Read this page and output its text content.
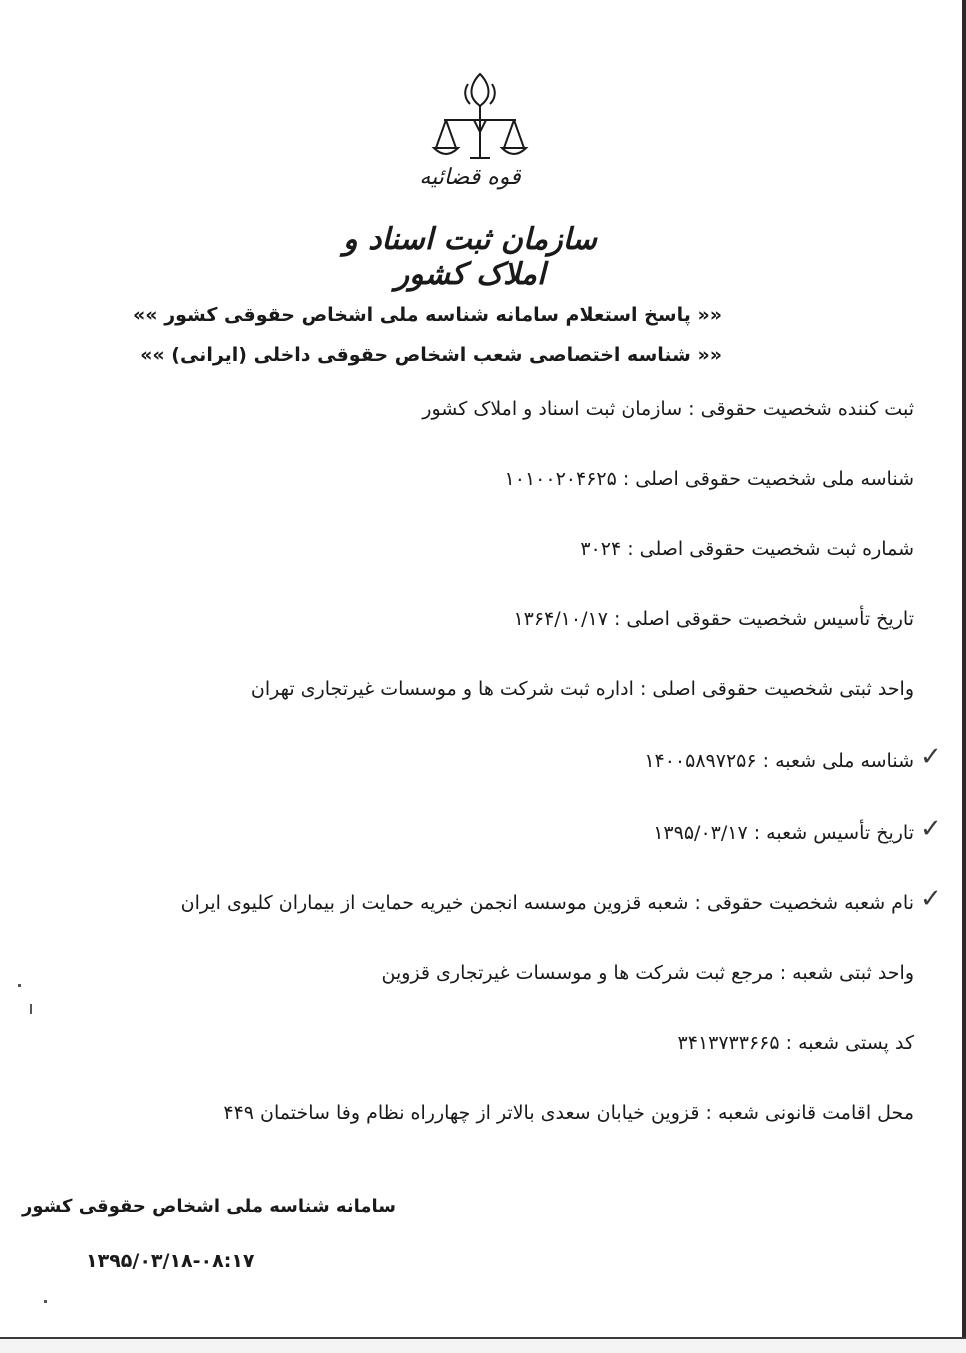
قوه قضائیه
سازمان ثبت اسناد و املاک کشور
«« پاسخ استعلام سامانه شناسه ملی اشخاص حقوقی کشور »»
«« شناسه اختصاصی شعب اشخاص حقوقی داخلی (ایرانی) »»
ثبت کننده شخصیت حقوقی : سازمان ثبت اسناد و املاک کشور
شناسه ملی شخصیت حقوقی اصلی : ۱۰۱۰۰۲۰۴۶۲۵
شماره ثبت شخصیت حقوقی اصلی : ۳۰۲۴
تاریخ تأسیس شخصیت حقوقی اصلی : ۱۳۶۴/۱۰/۱۷
واحد ثبتی شخصیت حقوقی اصلی : اداره ثبت شرکت ها و موسسات غیرتجاری تهران
✓
شناسه ملی شعبه : ۱۴۰۰۵۸۹۷۲۵۶
✓
تاریخ تأسیس شعبه : ۱۳۹۵/۰۳/۱۷
✓
نام شعبه شخصیت حقوقی : شعبه قزوین موسسه انجمن خیریه حمایت از بیماران کلیوی ایران
واحد ثبتی شعبه : مرجع ثبت شرکت ها و موسسات غیرتجاری قزوین
کد پستی شعبه : ۳۴۱۳۷۳۳۶۶۵
محل اقامت قانونی شعبه : قزوین خیابان سعدی بالاتر از چهارراه نظام وفا ساختمان ۴۴۹
سامانه شناسه ملی اشخاص حقوقی کشور
۱۳۹۵/۰۳/۱۸-۰۸:۱۷
